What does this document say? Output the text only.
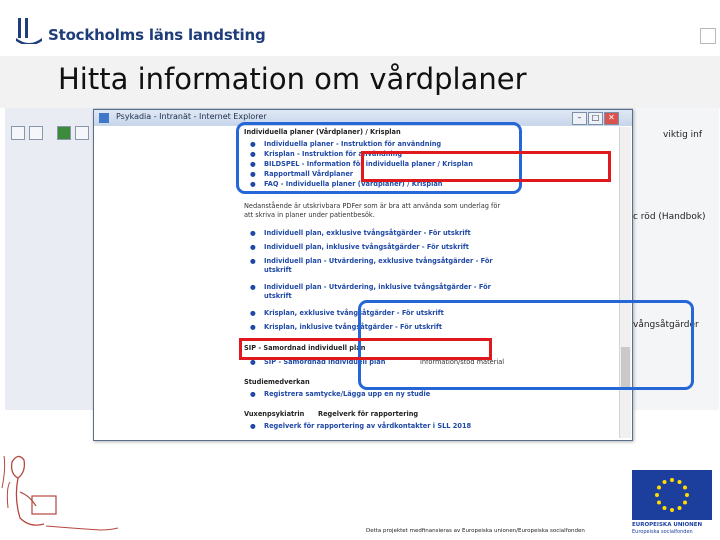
Stockholms läns landsting
Hitta information om vårdplaner
viktig inf
c röd (Handbok)
vångsåtgärder
Psykadia - Intranät - Internet Explorer	–	□	✕
Individuella planer (Vårdplaner) / Krisplan
● Individuella planer - Instruktion för användning
● Krisplan - Instruktion för användning
● BILDSPEL - Information för individuella planer / Krisplan
● Rapportmall Vårdplaner
● FAQ - Individuella planer (Vårdplaner) / Krisplan
Nedanstående är utskrivbara PDFer som är bra att använda som underlag för
att skriva in planer under patientbesök.
● Individuell plan, exklusive tvångsåtgärder - För utskrift
● Individuell plan, inklusive tvångsåtgärder - För utskrift
● Individuell plan - Utvärdering, exklusive tvångsåtgärder - För
utskrift
● Individuell plan - Utvärdering, inklusive tvångsåtgärder - För
utskrift
● Krisplan, exklusive tvångsåtgärder - För utskrift
● Krisplan, inklusive tvångsåtgärder - För utskrift
SIP - Samordnad individuell plan
● SIP - Samordnad individuell plan	information/stöd material
Studiemedverkan
● Registrera samtycke/Lägga upp en ny studie
Vuxenpsykiatrin Regelverk för rapportering
● Regelverk för rapportering av vårdkontakter i SLL 2018
Detta projektet medfinansieras av Europeiska unionen/Europeiska socialfonden
EUROPEISKA UNIONEN
Europeiska socialfonden
